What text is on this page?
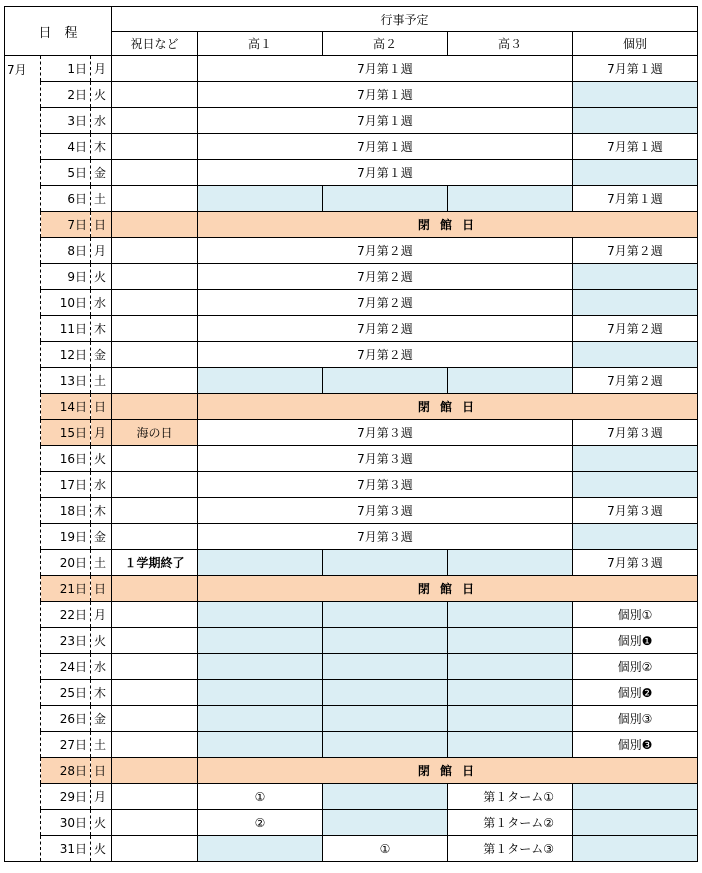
日　程			行事予定				
			祝日など	高１	高２	高３	個別
7月	1日	月		7月第１週			7月第１週
	2日	火		7月第１週			
	3日	水		7月第１週			
	4日	木		7月第１週			7月第１週
	5日	金		7月第１週			
	6日	土					7月第１週
	7日	日		閉 館 日			
	8日	月		7月第２週			7月第２週
	9日	火		7月第２週			
	10日	水		7月第２週			
	11日	木		7月第２週			7月第２週
	12日	金		7月第２週			
	13日	土					7月第２週
	14日	日		閉 館 日			
	15日	月	海の日	7月第３週			7月第３週
	16日	火		7月第３週			
	17日	水		7月第３週			
	18日	木		7月第３週			7月第３週
	19日	金		7月第３週			
	20日	土	１学期終了				7月第３週
	21日	日		閉 館 日			
	22日	月					個別①
	23日	火					個別❶
	24日	水					個別②
	25日	木					個別❷
	26日	金					個別③
	27日	土					個別❸
	28日	日		閉 館 日			
	29日	月		①		第１ターム①	
	30日	火		②		第１ターム②	
	31日	火			①	第１ターム③	
